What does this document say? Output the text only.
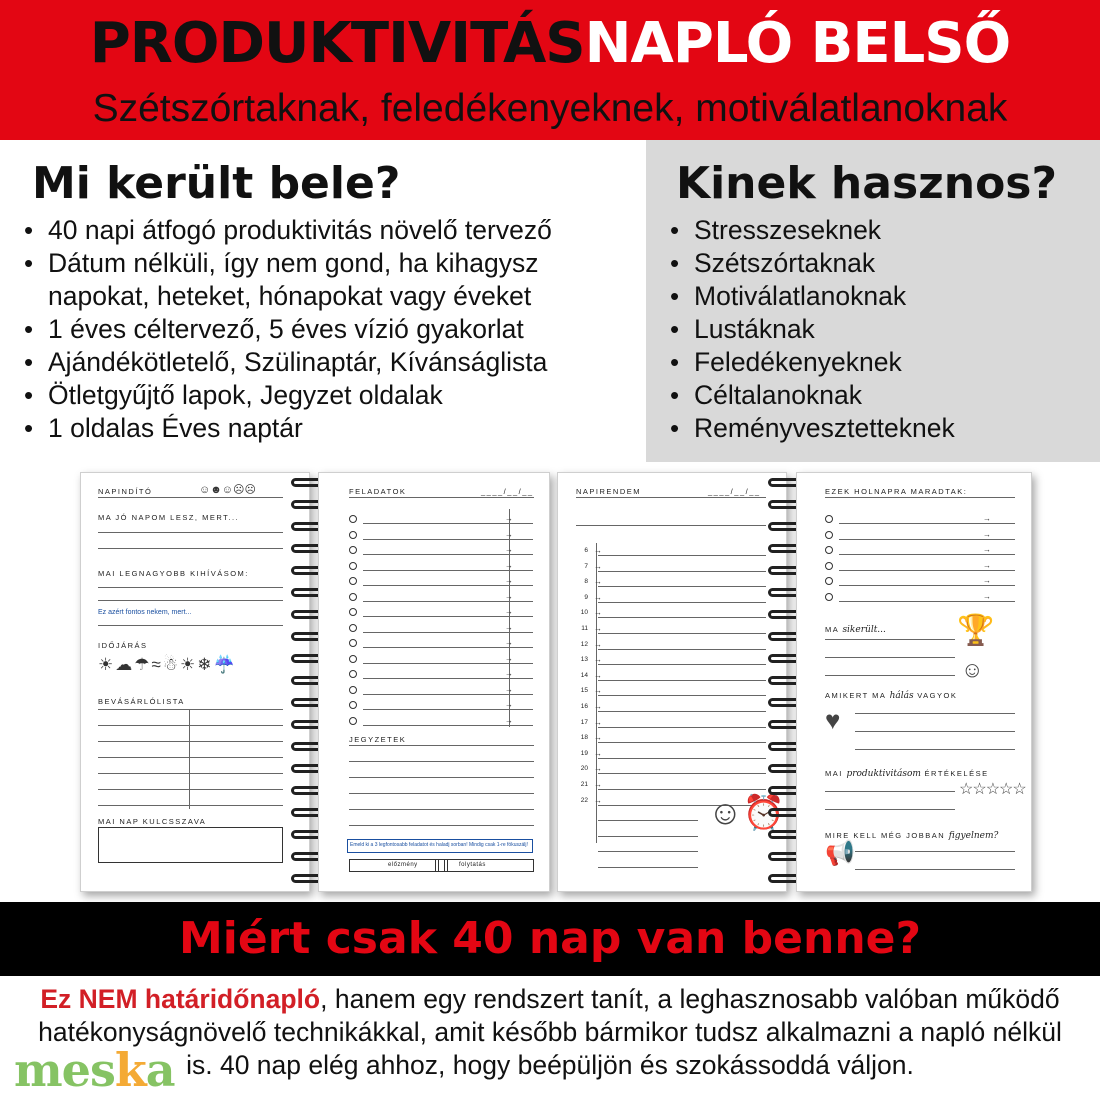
PRODUKTIVITÁSNAPLÓ BELSŐ
Szétszórtaknak, feledékenyeknek, motiválatlanoknak
Mi került bele?
• 40 napi átfogó produktivitás növelő tervező
• Dátum nélküli, így nem gond, ha kihagysz napokat, heteket, hónapokat vagy éveket
• 1 éves céltervező, 5 éves vízió gyakorlat
• Ajándékötletelő, Szülinaptár, Kívánságlista
• Ötletgyűjtő lapok, Jegyzet oldalak
• 1 oldalas Éves naptár
Kinek hasznos?
• Stresszeseknek
• Szétszórtaknak
• Motiválatlanoknak
• Lustáknak
• Feledékenyeknek
• Céltalanoknak
• Reményvesztetteknek
NAPINDÍTÓ	☺☻☺☹☹
MA JÓ NAPOM LESZ, MERT...
MAI LEGNAGYOBB KIHÍVÁSOM:
Ez azért fontos nekem, mert...
IDŐJÁRÁS
☀☁☂≈☃☀❄☔
BEVÁSÁRLÓLISTA
MAI NAP KULCSSZAVA
FELADATOK	____/__/__
→
→
→
→
→
→
→
→
→
→
→
→
→
→
JEGYZETEK
Emeld ki a 3 legfontosabb feladatot és haladj sorban! Mindig csak 1-re fókuszálj!
előzmény	folytatás
NAPIRENDEM	____/__/__
6 →
7 →
8 →
9 →
10 →
11 →
12 →
13 →
14 →
15 →
16 →
17 →
18 →
19 →
20 →
21 →
22 →	☺⏰
EZEK HOLNAPRA MARADTAK:
→
→
→
→
→
→
MA sikerült... 🏆
☺
AMIKERT MA hálás VAGYOK
♥
MAI produktivitásom ÉRTÉKELÉSE
☆☆☆☆☆
MIRE KELL MÉG JOBBAN figyelnem?
📢
Miért csak 40 nap van benne?
Ez NEM határidőnapló, hanem egy rendszert tanít, a leghasznosabb valóban működő hatékonyságnövelő technikákkal, amit később bármikor tudsz alkalmazni a napló nélkül is. 40 nap elég ahhoz, hogy beépüljön és szokássoddá váljon.
meska
